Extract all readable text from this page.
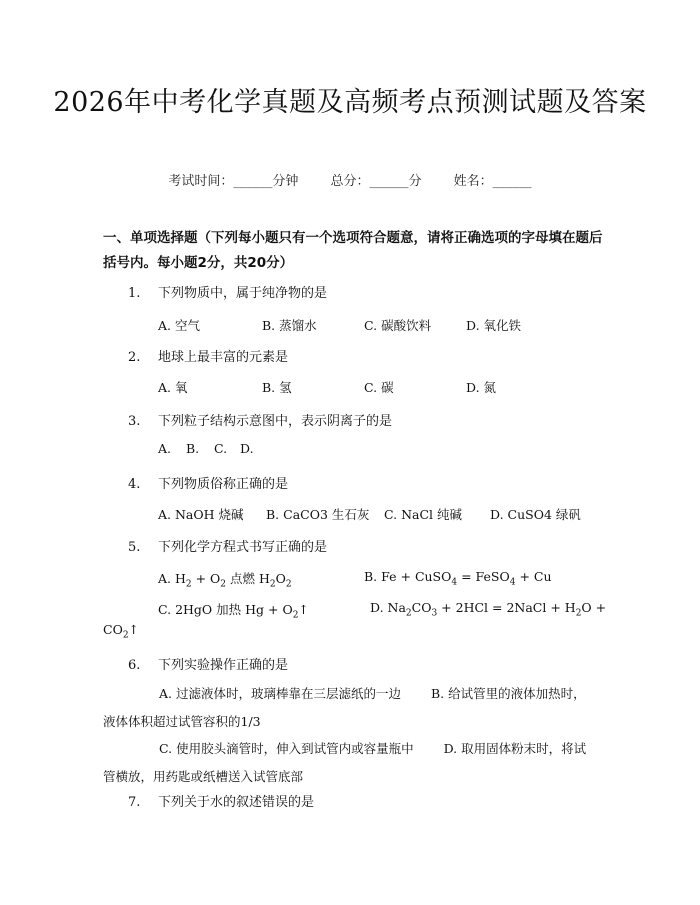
2026年中考化学真题及高频考点预测试题及答案
考试时间：______分钟 总分：______分 姓名：______
一、单项选择题（下列每小题只有一个选项符合题意，请将正确选项的字母填在题后括号内。每小题2分，共20分）
1. 下列物质中，属于纯净物的是
A. 空气	B. 蒸馏水	C. 碳酸饮料	D. 氧化铁
2. 地球上最丰富的元素是
A. 氧	B. 氢	C. 碳	D. 氮
3. 下列粒子结构示意图中，表示阴离子的是
A. B. C. D.
4. 下列物质俗称正确的是
A. NaOH 烧碱 B. CaCO3 生石灰 C. NaCl 纯碱 D. CuSO4 绿矾
5. 下列化学方程式书写正确的是
A. $H_2 + O_2$ 点燃 $H_2O_2$
B. Fe + CuSO$_4$ = FeSO$_4$ + Cu
C. 2HgO 加热 $Hg + O_2↑$	D. $Na_2CO_3 + 2HCl$ = 2NaCl + $H_2O$ +
$CO_2↑$
6. 下列实验操作正确的是
A. 过滤液体时，玻璃棒靠在三层滤纸的一边 B. 给试管里的液体加热时，液体体积超过试管容积的1/3
C. 使用胶头滴管时，伸入到试管内或容量瓶中 D. 取用固体粉末时，将试管横放，用药匙或纸槽送入试管底部
7. 下列关于水的叙述错误的是
